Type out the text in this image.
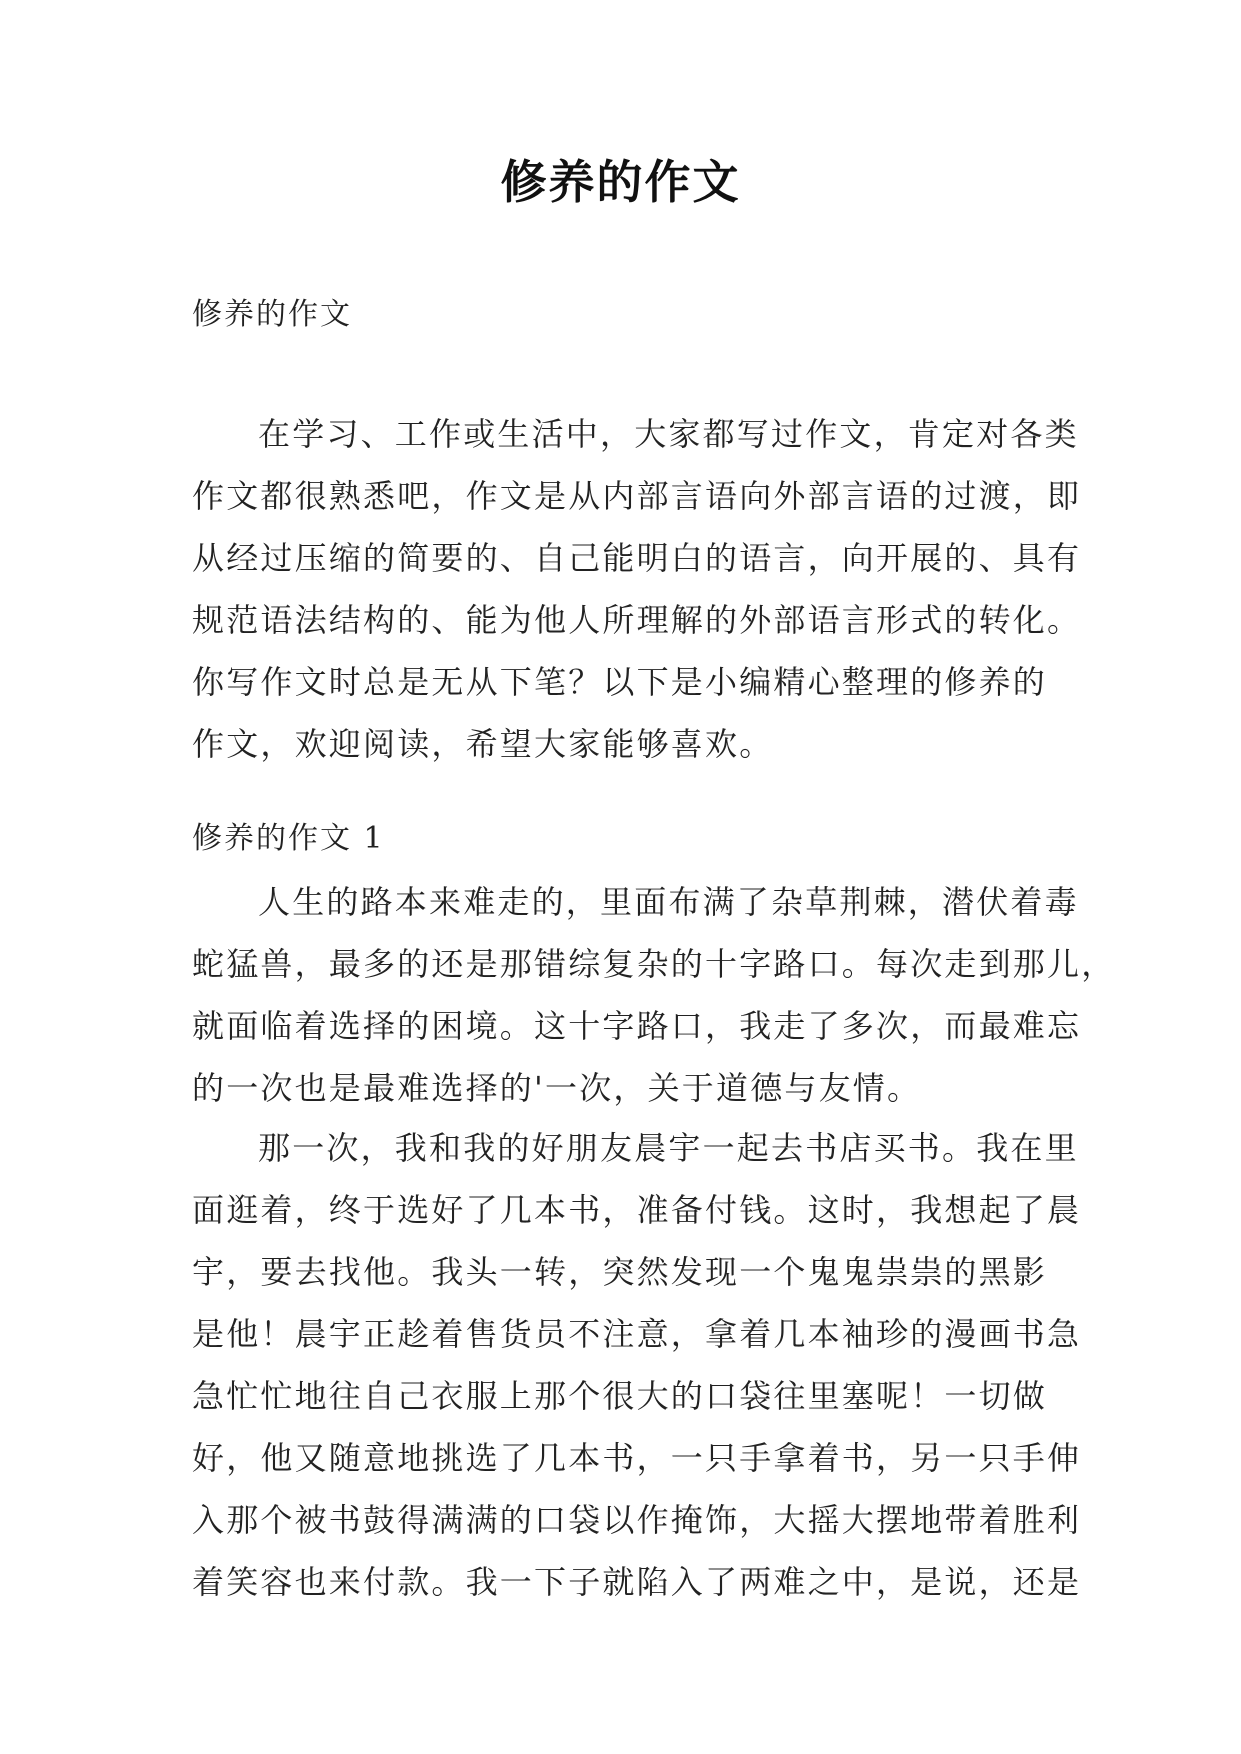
修养的作文
修养的作文
在学习、工作或生活中，大家都写过作文，肯定对各类
作文都很熟悉吧，作文是从内部言语向外部言语的过渡，即
从经过压缩的简要的、自己能明白的语言，向开展的、具有
规范语法结构的、能为他人所理解的外部语言形式的转化。
你写作文时总是无从下笔？以下是小编精心整理的修养的
作文，欢迎阅读，希望大家能够喜欢。
修养的作文 1
人生的路本来难走的，里面布满了杂草荆棘，潜伏着毒
蛇猛兽，最多的还是那错综复杂的十字路口。每次走到那儿，
就面临着选择的困境。这十字路口，我走了多次，而最难忘
的一次也是最难选择的'一次，关于道德与友情。
那一次，我和我的好朋友晨宇一起去书店买书。我在里
面逛着，终于选好了几本书，准备付钱。这时，我想起了晨
宇，要去找他。我头一转，突然发现一个鬼鬼祟祟的黑影
是他！晨宇正趁着售货员不注意，拿着几本袖珍的漫画书急
急忙忙地往自己衣服上那个很大的口袋往里塞呢！一切做
好，他又随意地挑选了几本书，一只手拿着书，另一只手伸
入那个被书鼓得满满的口袋以作掩饰，大摇大摆地带着胜利
着笑容也来付款。我一下子就陷入了两难之中，是说，还是
